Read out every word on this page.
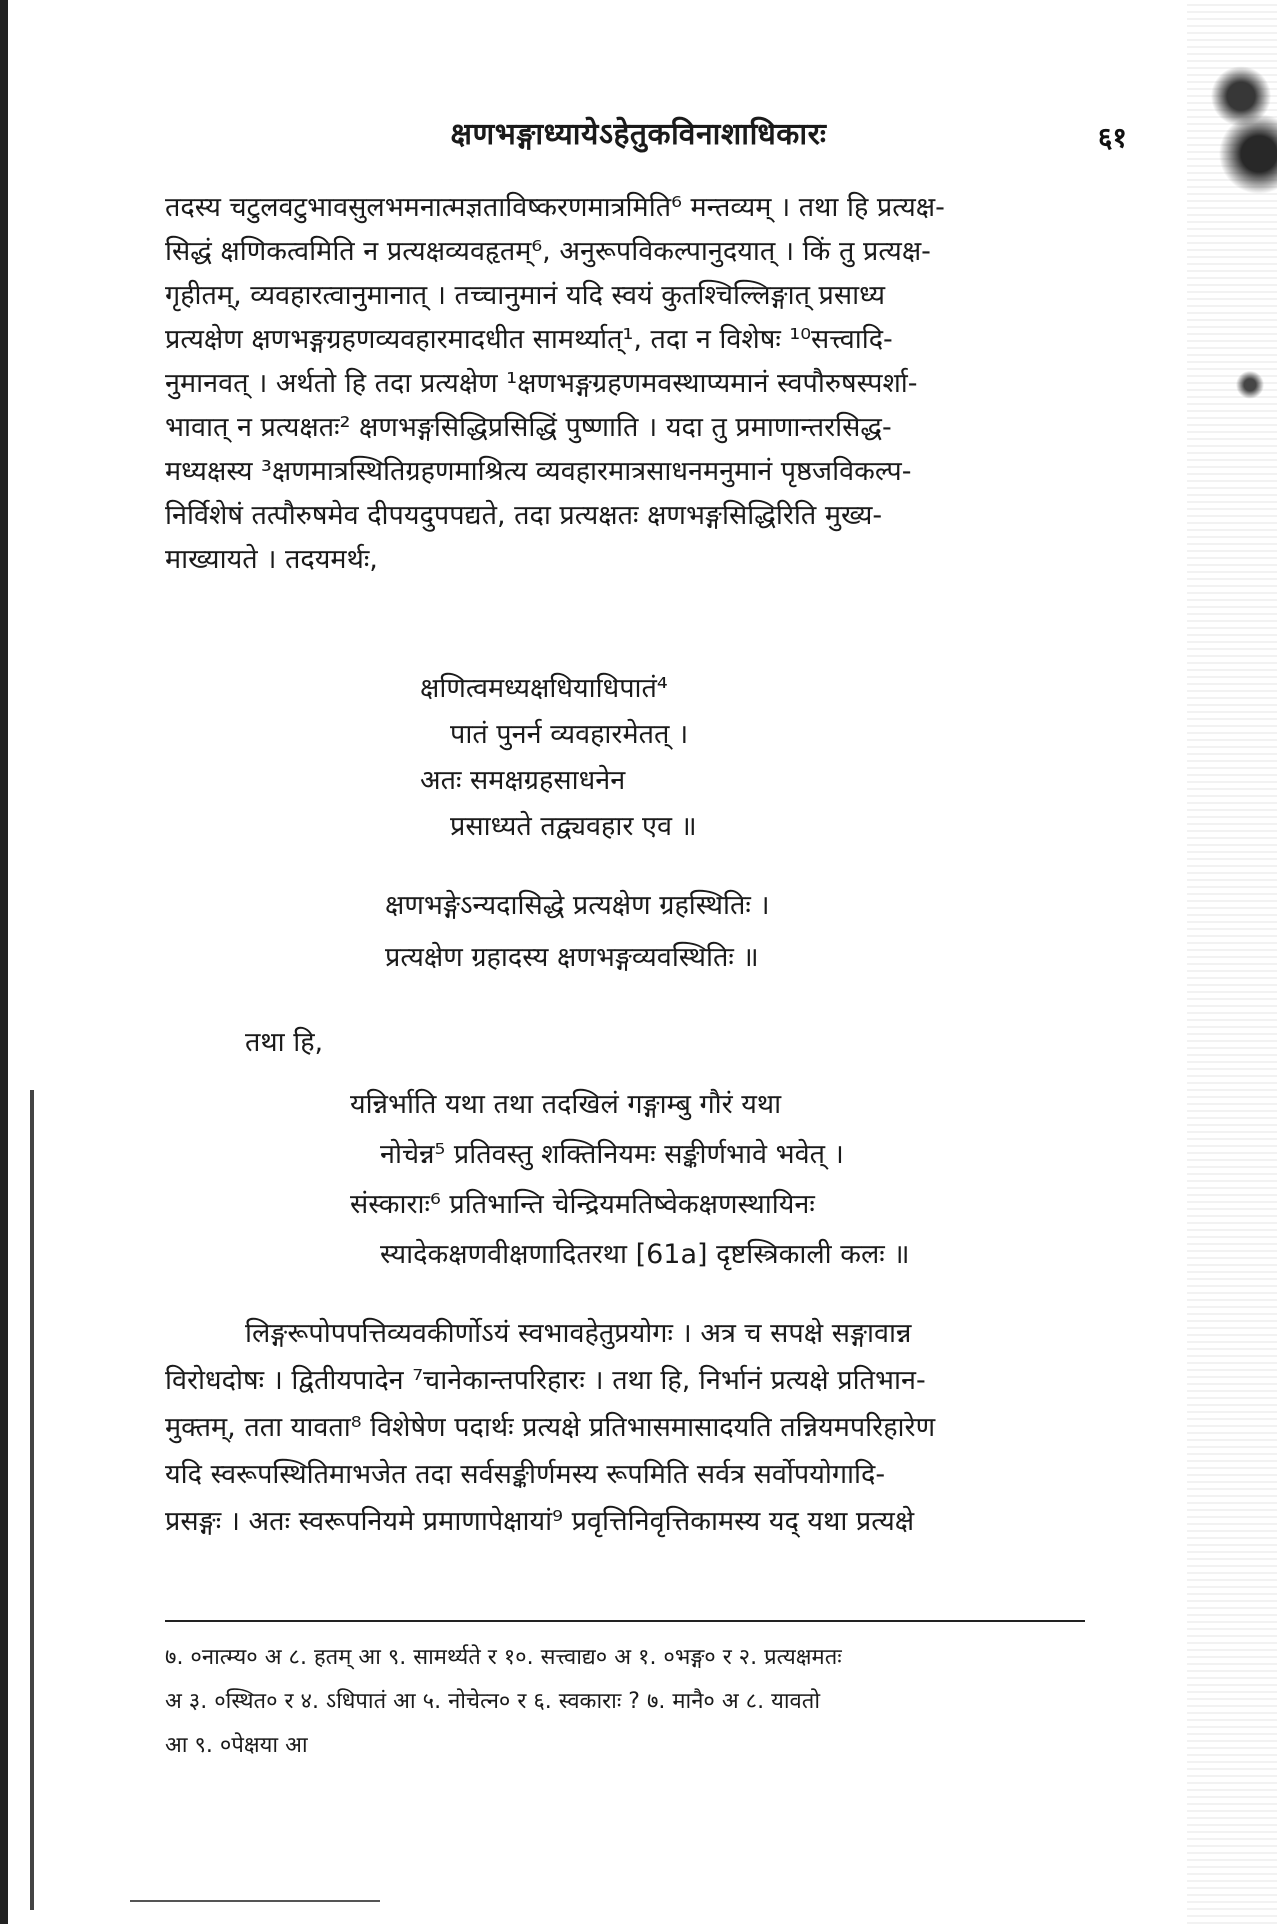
क्षणभङ्गाध्यायेऽहेतुकविनाशाधिकारः	६१

तदस्य चटुलवटुभावसुलभमनात्मज्ञताविष्करणमात्रमिति⁶ मन्तव्यम् । तथा हि प्रत्यक्ष-

सिद्धं क्षणिकत्वमिति न प्रत्यक्षव्यवहृतम्⁶, अनुरूपविकल्पानुदयात् । किं तु प्रत्यक्ष-

गृहीतम्, व्यवहारत्वानुमानात् । तच्चानुमानं यदि स्वयं कुतश्चिल्लिङ्गात् प्रसाध्य

प्रत्यक्षेण क्षणभङ्गग्रहणव्यवहारमादधीत सामर्थ्यात्¹, तदा न विशेषः ¹⁰सत्त्वादि-

नुमानवत् । अर्थतो हि तदा प्रत्यक्षेण ¹क्षणभङ्गग्रहणमवस्थाप्यमानं स्वपौरुषस्पर्शा-

भावात् न प्रत्यक्षतः² क्षणभङ्गसिद्धिप्रसिद्धिं पुष्णाति । यदा तु प्रमाणान्तरसिद्ध-

मध्यक्षस्य ³क्षणमात्रस्थितिग्रहणमाश्रित्य व्यवहारमात्रसाधनमनुमानं पृष्ठजविकल्प-

निर्विशेषं तत्पौरुषमेव दीपयदुपपद्यते, तदा प्रत्यक्षतः क्षणभङ्गसिद्धिरिति मुख्य-

माख्यायते । तदयमर्थः,

क्षणित्वमध्यक्षधियाधिपातं⁴
पातं पुनर्न व्यवहारमेतत् ।
अतः समक्षग्रहसाधनेन
प्रसाध्यते तद्व्यवहार एव ॥
क्षणभङ्गेऽन्यदासिद्धे प्रत्यक्षेण ग्रहस्थितिः ।
प्रत्यक्षेण ग्रहादस्य क्षणभङ्गव्यवस्थितिः ॥
तथा हि,
यन्निर्भाति यथा तथा तदखिलं गङ्गाम्बु गौरं यथा
नोचेन्न⁵ प्रतिवस्तु शक्तिनियमः सङ्कीर्णभावे भवेत् ।
संस्काराः⁶ प्रतिभान्ति चेन्द्रियमतिष्वेकक्षणस्थायिनः
स्यादेकक्षणवीक्षणादितरथा [61a] दृष्टस्त्रिकाली कलः ॥

लिङ्गरूपोपपत्तिव्यवकीर्णोऽयं स्वभावहेतुप्रयोगः । अत्र च सपक्षे सङ्गावान्न

विरोधदोषः । द्वितीयपादेन ⁷चानेकान्तपरिहारः । तथा हि, निर्भानं प्रत्यक्षे प्रतिभान-

मुक्तम्, तता यावता⁸ विशेषेण पदार्थः प्रत्यक्षे प्रतिभासमासादयति तन्नियमपरिहारेण

यदि स्वरूपस्थितिमाभजेत तदा सर्वसङ्कीर्णमस्य रूपमिति सर्वत्र सर्वोपयोगादि-

प्रसङ्गः । अतः स्वरूपनियमे प्रमाणापेक्षायां⁹ प्रवृत्तिनिवृत्तिकामस्य यद् यथा प्रत्यक्षे

७. ०नात्म्य० अ ८. हतम् आ ९. सामर्थ्यते र १०. सत्त्वाद्य० अ १. ०भङ्ग० र २. प्रत्यक्षमतः

अ ३. ०स्थित० र ४. ऽधिपातं आ ५. नोचेत्न० र ६. स्वकाराः ? ७. मानै० अ ८. यावतो

आ ९. ०पेक्षया आ
